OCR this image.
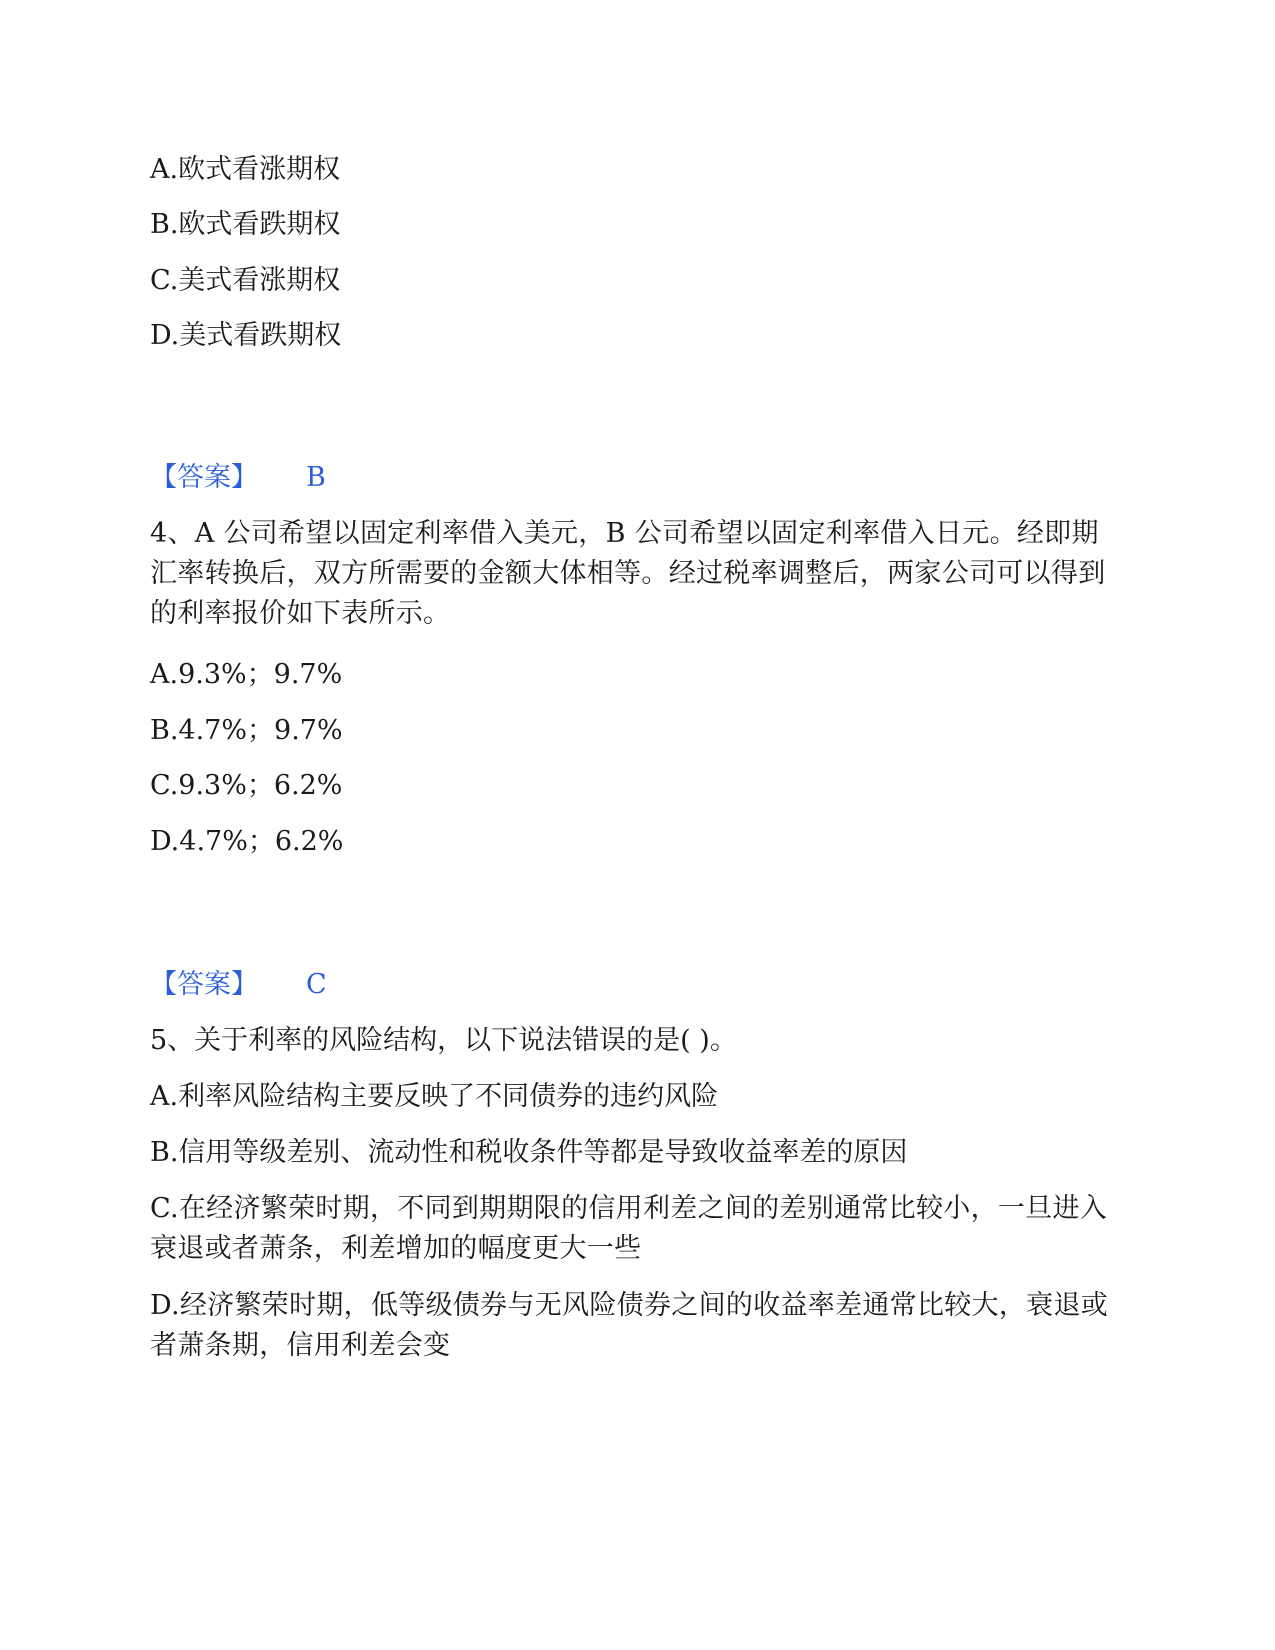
A.欧式看涨期权
B.欧式看跌期权
C.美式看涨期权
D.美式看跌期权
【答案】 B
4、A 公司希望以固定利率借入美元，B 公司希望以固定利率借入日元。经即期汇率转换后，双方所需要的金额大体相等。经过税率调整后，两家公司可以得到的利率报价如下表所示。
A.9.3%；9.7%
B.4.7%；9.7%
C.9.3%；6.2%
D.4.7%；6.2%
【答案】 C
5、关于利率的风险结构，以下说法错误的是( )。
A.利率风险结构主要反映了不同债券的违约风险
B.信用等级差别、流动性和税收条件等都是导致收益率差的原因
C.在经济繁荣时期，不同到期期限的信用利差之间的差别通常比较小，一旦进入衰退或者萧条，利差增加的幅度更大一些
D.经济繁荣时期，低等级债券与无风险债券之间的收益率差通常比较大，衰退或者萧条期，信用利差会变
